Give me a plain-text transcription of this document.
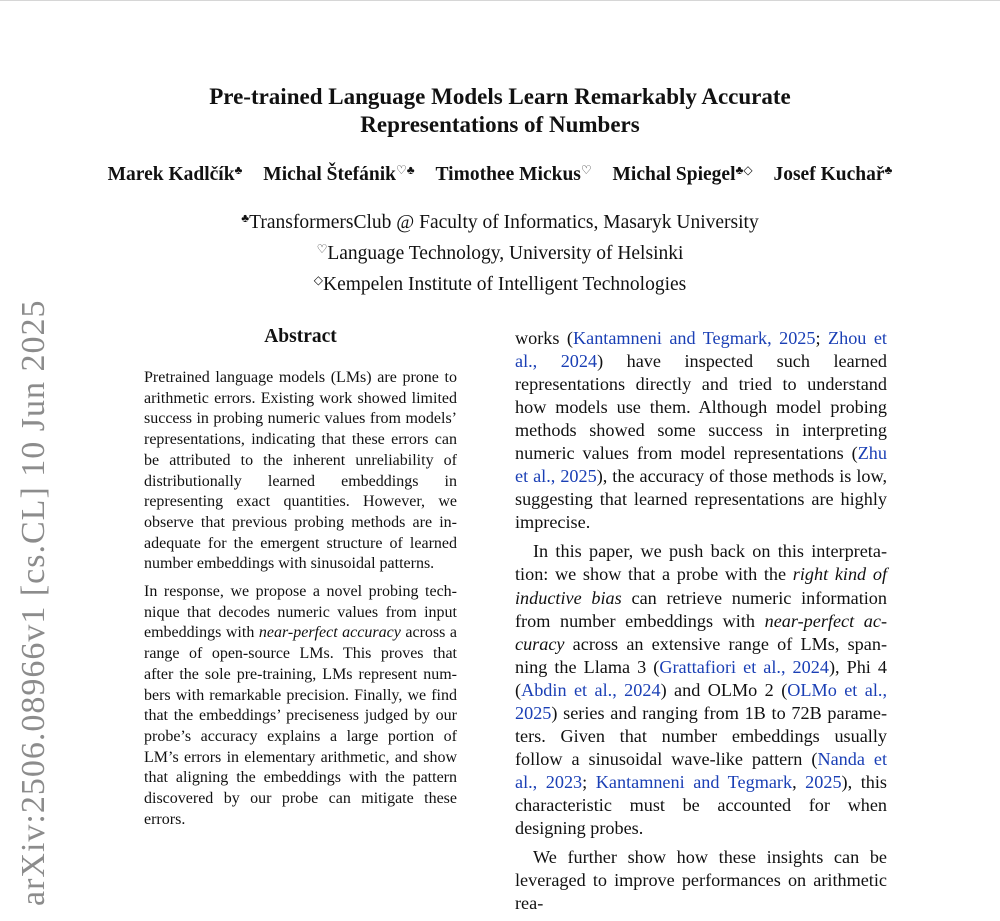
arXiv:2506.08966v1 [cs.CL] 10 Jun 2025
Pre-trained Language Models Learn Remarkably Accurate
Representations of Numbers
Marek Kadlčík♣ Michal Štefánik♡♣ Timothee Mickus♡ Michal Spiegel♣◇ Josef Kuchař♣
♣TransformersClub @ Faculty of Informatics, Masaryk University
♡Language Technology, University of Helsinki
◇Kempelen Institute of Intelligent Technologies
Abstract

Pretrained language models (LMs) are prone to arithmetic errors. Existing work showed limited success in probing numeric values from models’ representations, indicating that these errors can be attributed to the inherent unreliability of distributionally learned embeddings in representing exact quantities. However, we observe that previous probing methods are inadequate for the emergent structure of learned number embeddings with sinusoidal patterns.

In response, we propose a novel probing technique that decodes numeric values from input embeddings with near-perfect accuracy across a range of open-source LMs. This proves that after the sole pre-training, LMs represent numbers with remarkable precision. Finally, we find that the embeddings’ preciseness judged by our probe’s accuracy explains a large portion of LM’s errors in elementary arithmetic, and show that aligning the embeddings with the pattern discovered by our probe can mitigate these errors.

works (Kantamneni and Tegmark, 2025; Zhou et al., 2024) have inspected such learned representations directly and tried to understand how models use them. Although model probing methods showed some success in interpreting numeric values from model representations (Zhu et al., 2025), the accuracy of those methods is low, suggesting that learned representations are highly imprecise.

In this paper, we push back on this interpretation: we show that a probe with the right kind of inductive bias can retrieve numeric information from number embeddings with near-perfect accuracy across an extensive range of LMs, spanning the Llama 3 (Grattafiori et al., 2024), Phi 4 (Abdin et al., 2024) and OLMo 2 (OLMo et al., 2025) series and ranging from 1B to 72B parameters. Given that number embeddings usually follow a sinusoidal wave-like pattern (Nanda et al., 2023; Kantamneni and Tegmark, 2025), this characteristic must be accounted for when designing probes.

We further show how these insights can be leveraged to improve performances on arithmetic rea-
